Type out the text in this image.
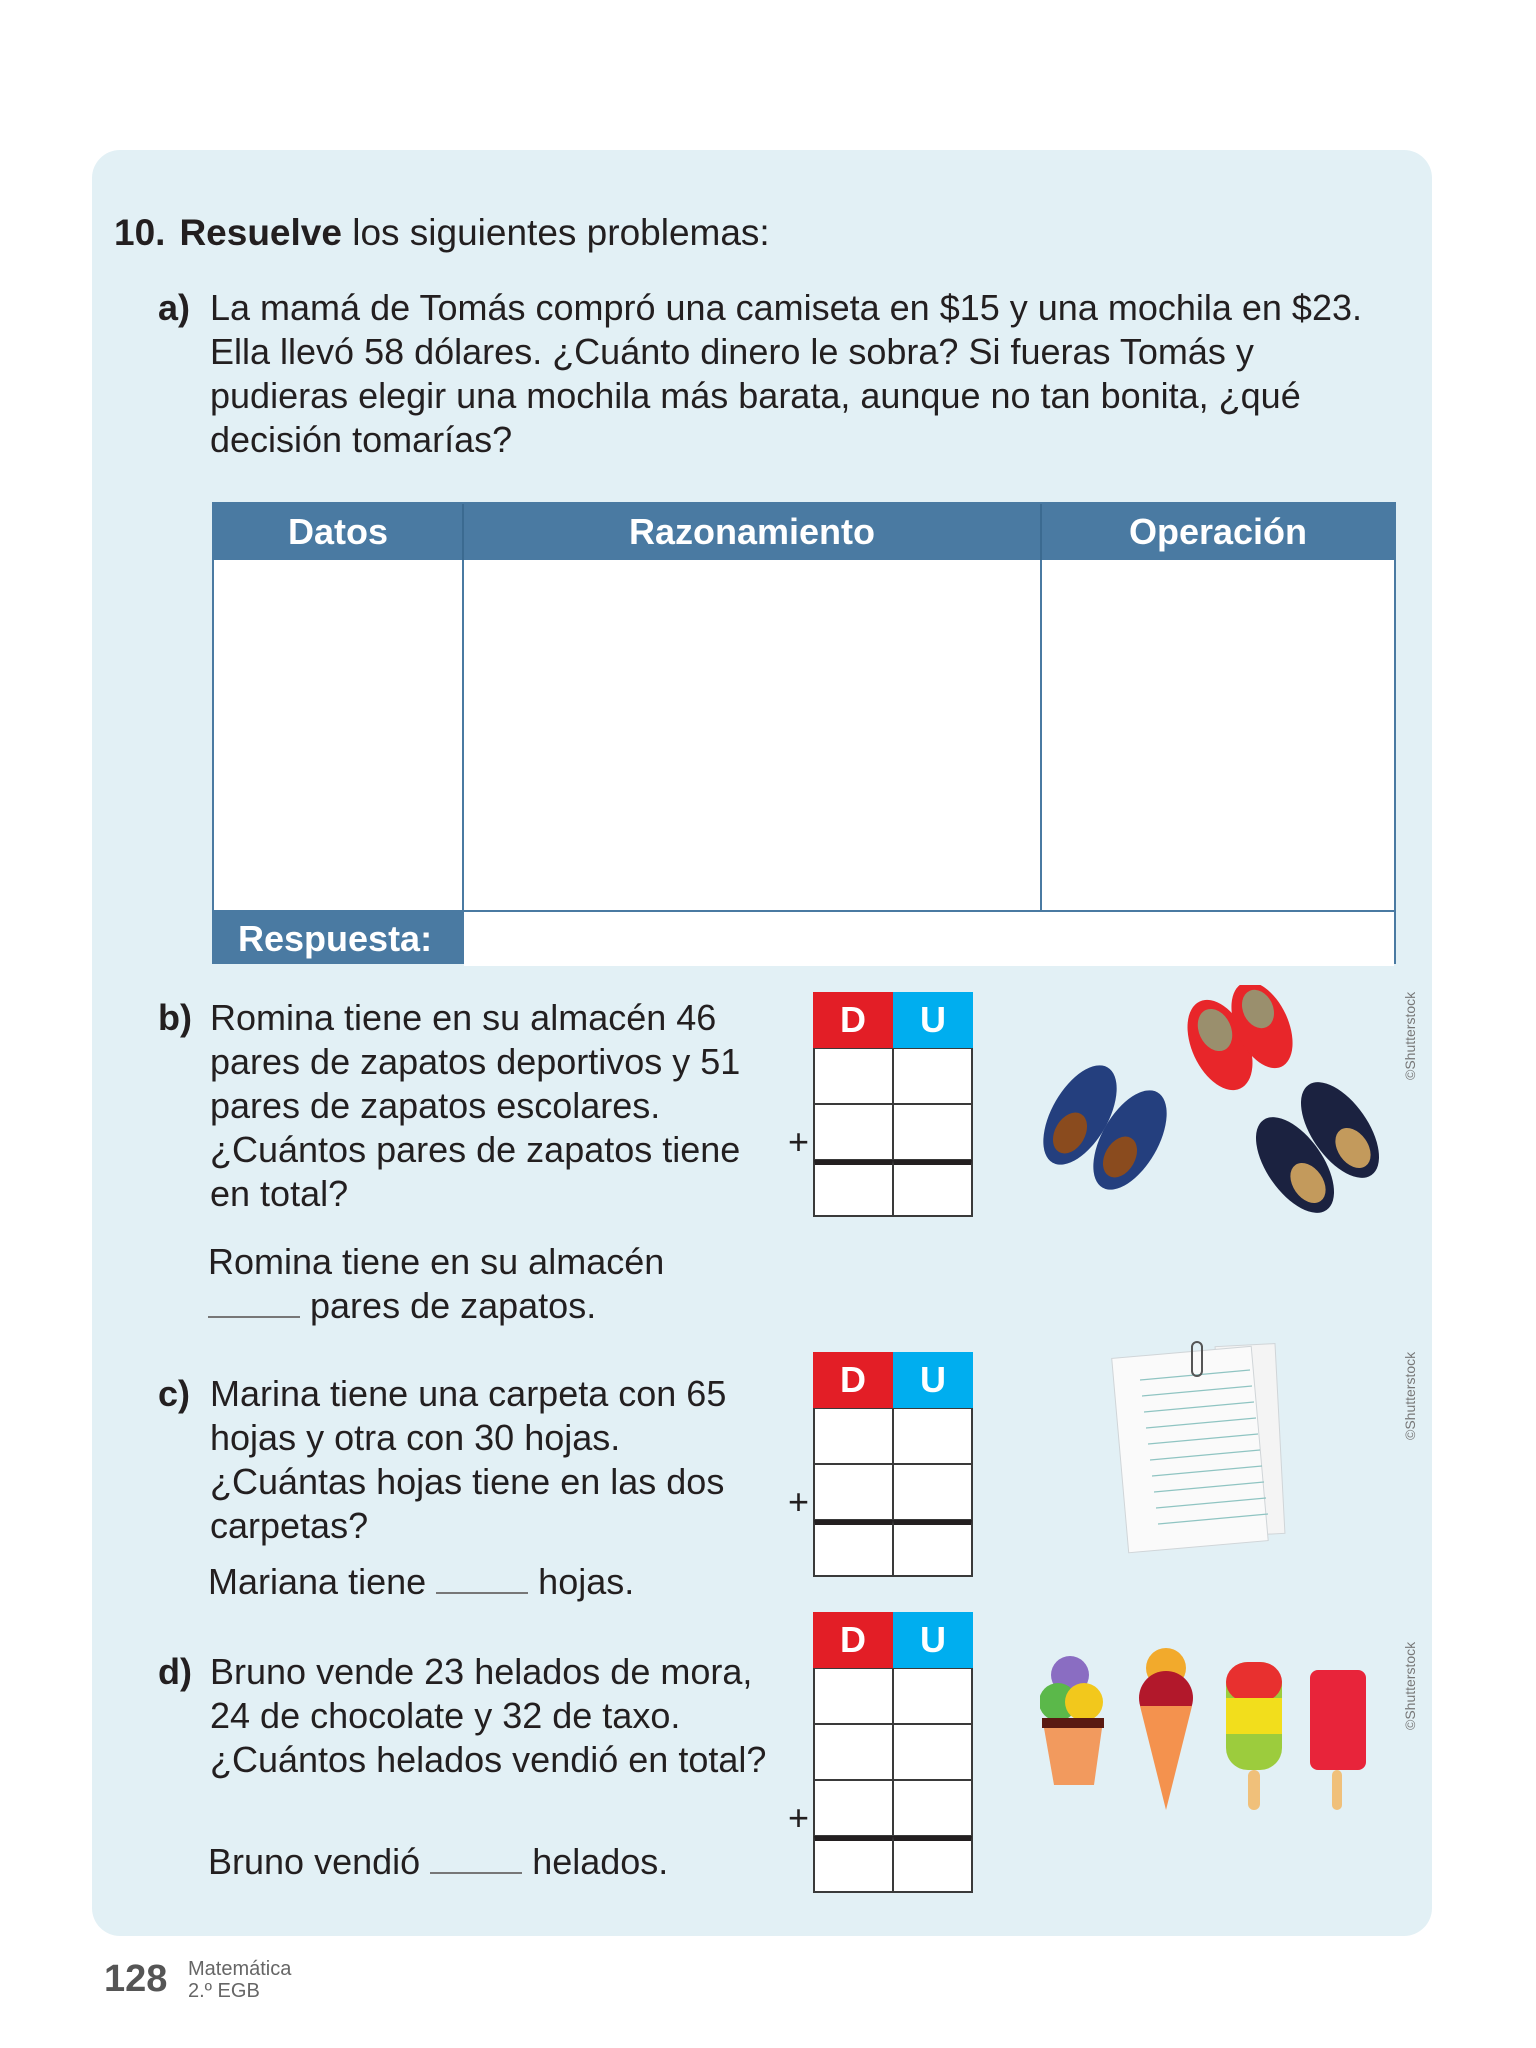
10. Resuelve los siguientes problemas:
a) La mamá de Tomás compró una camiseta en $15 y una mochila en $23. Ella llevó 58 dólares. ¿Cuánto dinero le sobra? Si fueras Tomás y pudieras elegir una mochila más barata, aunque no tan bonita, ¿qué decisión tomarías?
Datos	Razonamiento	Operación
Respuesta:
b) Romina tiene en su almacén 46 pares de zapatos deportivos y 51 pares de zapatos escolares. ¿Cuántos pares de zapatos tiene en total?
Romina tiene en su almacén
pares de zapatos.
D	U
+
©Shutterstock
c) Marina tiene una carpeta con 65 hojas y otra con 30 hojas. ¿Cuántas hojas tiene en las dos carpetas?
Mariana tiene	hojas.
D	U
+
©Shutterstock
d) Bruno vende 23 helados de mora, 24 de chocolate y 32 de taxo. ¿Cuántos helados vendió en total?
Bruno vendió	helados.
D	U
+
©Shutterstock
128 Matemática
2.º EGB
